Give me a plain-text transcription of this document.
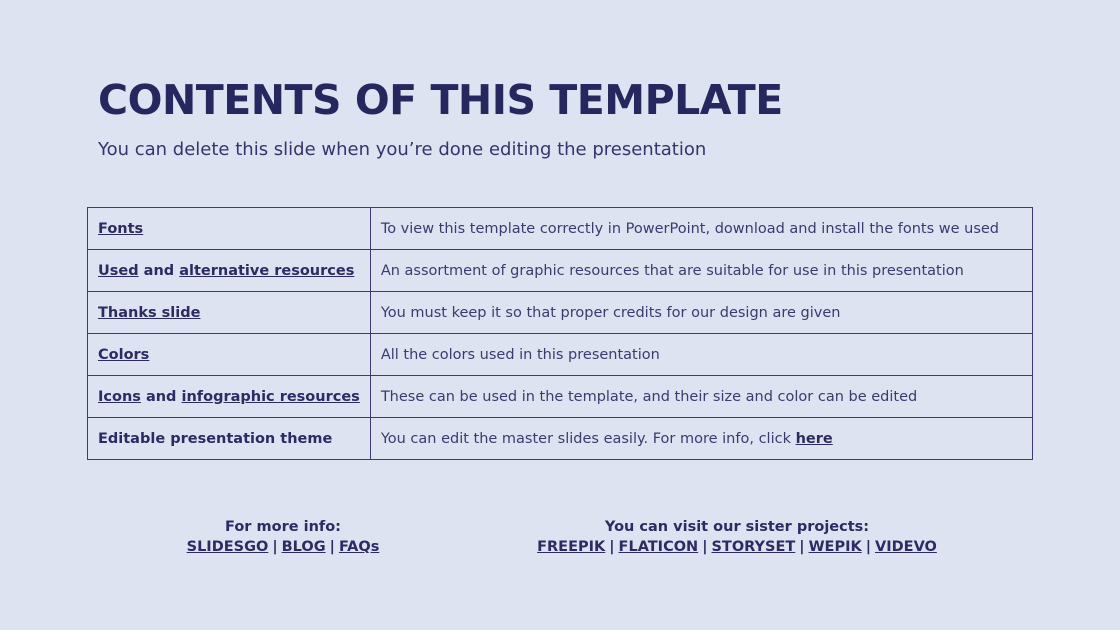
CONTENTS OF THIS TEMPLATE
You can delete this slide when you’re done editing the presentation
Fonts	To view this template correctly in PowerPoint, download and install the fonts we used
Used and alternative resources	An assortment of graphic resources that are suitable for use in this presentation
Thanks slide	You must keep it so that proper credits for our design are given
Colors	All the colors used in this presentation
Icons and infographic resources	These can be used in the template, and their size and color can be edited
Editable presentation theme	You can edit the master slides easily. For more info, click here
For more info:
SLIDESGO | BLOG | FAQs
You can visit our sister projects:
FREEPIK | FLATICON | STORYSET | WEPIK | VIDEVO
